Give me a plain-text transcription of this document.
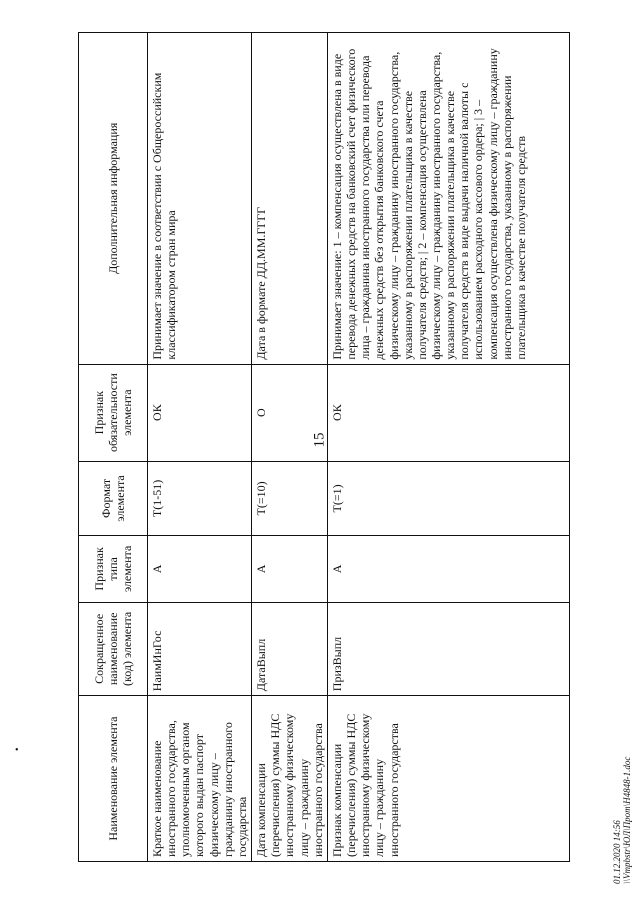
•
15
Наименование элемента	Сокращенное наименование (код) элемента	Признак типа элемента	Формат элемента	Признак обязательности элемента	Дополнительная информация
Краткое наименование иностранного государства, уполномоченным органом которого выдан паспорт физическому лицу – гражданину иностранного государства	НаимИнГос	А	Т(1-51)	ОК	Принимает значение в соответствии с Общероссийским классификатором стран мира
Дата компенсации (перечисления) суммы НДС иностранному физическому лицу – гражданину иностранного государства	ДатаВыпл	А	Т(=10)	О	Дата в формате ДД.ММ.ГГГГ
Признак компенсации (перечисления) суммы НДС иностранному физическому лицу – гражданину иностранного государства	ПризВыпл	А	Т(=1)	ОК	Принимает значение: 1 – компенсация осуществлена в виде перевода денежных средств на банковский счет физического лица – гражданина иностранного государства или перевода денежных средств без открытия банковского счета физическому лицу – гражданину иностранного государства, указанному в распоряжении плательщика в качестве получателя средств; | 2 – компенсация осуществлена физическому лицу – гражданину иностранного государства, указанному в распоряжении плательщика в качестве получателя средств в виде выдачи наличной валюты с использованием расходного кассового ордера; | 3 – компенсация осуществлена физическому лицу – гражданину иностранного государства, указанному в распоряжении плательщика в качестве получателя средств
01.12.2020 14:56 \\Vmpbstr\ЮЛ\Прот\Н4848-1.doc
